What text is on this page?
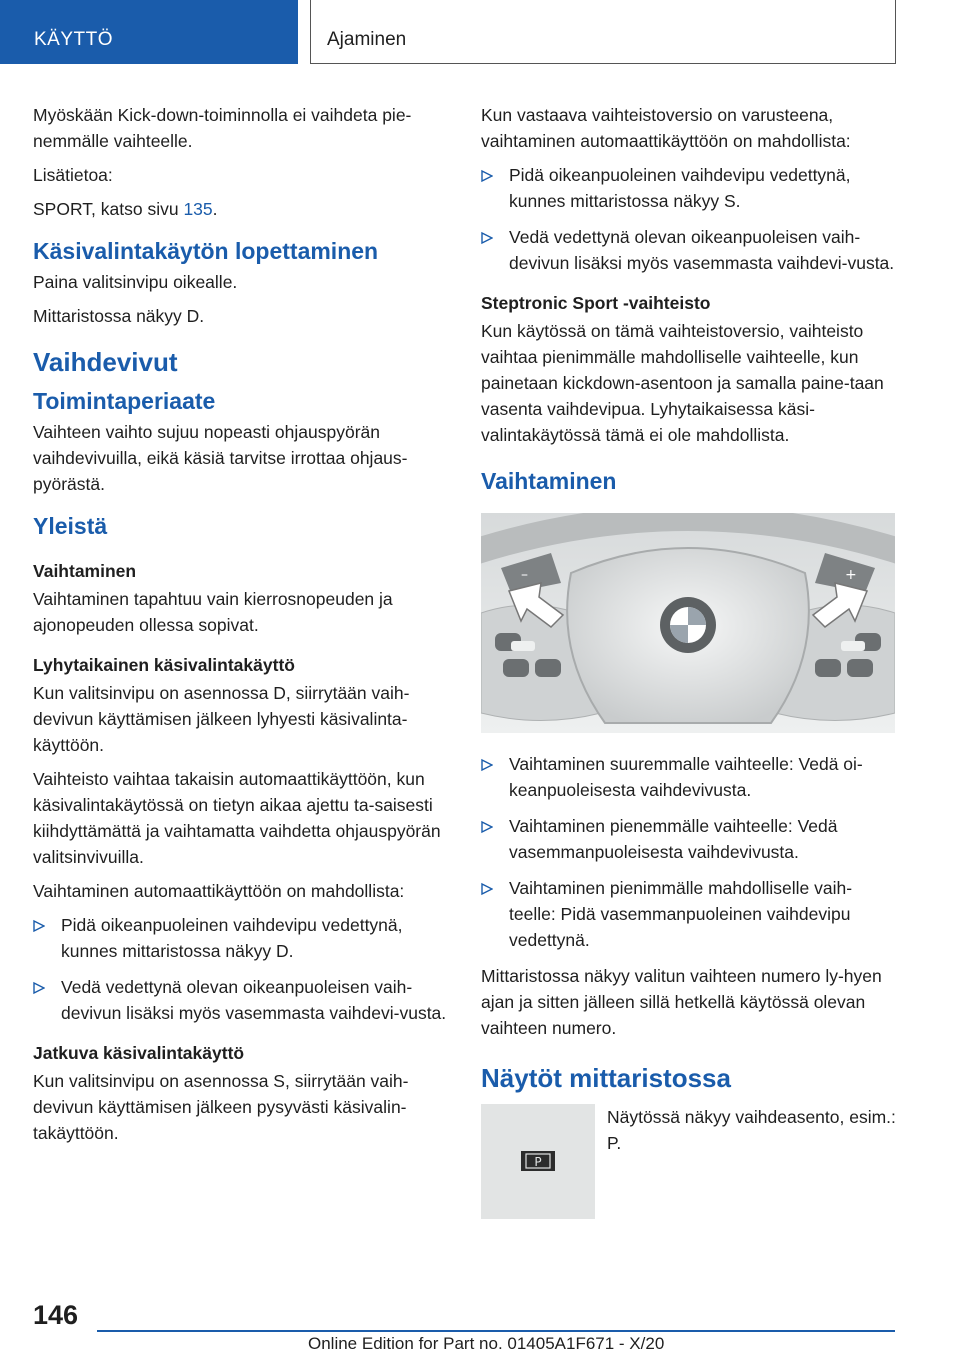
KÄYTTÖ	Ajaminen

Myöskään Kick-down-toiminnolla ei vaihdeta pie-nemmälle vaihteelle.

Lisätietoa:

SPORT, katso sivu 135.

Käsivalintakäytön lopettaminen

Paina valitsinvipu oikealle.

Mittaristossa näkyy D.

Vaihdevivut
Toimintaperiaate

Vaihteen vaihto sujuu nopeasti ohjauspyörän vaihdevivuilla, eikä käsiä tarvitse irrottaa ohjaus-pyörästä.

Yleistä
Vaihtaminen

Vaihtaminen tapahtuu vain kierrosnopeuden ja ajonopeuden ollessa sopivat.

Lyhytaikainen käsivalintakäyttö

Kun valitsinvipu on asennossa D, siirrytään vaih-devivun käyttämisen jälkeen lyhyesti käsivalinta-käyttöön.

Vaihteisto vaihtaa takaisin automaattikäyttöön, kun käsivalintakäytössä on tietyn aikaa ajettu ta-saisesti kiihdyttämättä ja vaihtamatta vaihdetta ohjauspyörän valitsinvivuilla.

Vaihtaminen automaattikäyttöön on mahdollista:

Pidä oikeanpuoleinen vaihdevipu vedettynä, kunnes mittaristossa näkyy D.
Vedä vedettynä olevan oikeanpuoleisen vaih-devivun lisäksi myös vasemmasta vaihdevi-vusta.
Jatkuva käsivalintakäyttö

Kun valitsinvipu on asennossa S, siirrytään vaih-devivun käyttämisen jälkeen pysyvästi käsivalin-takäyttöön.

Kun vastaava vaihteistoversio on varusteena, vaihtaminen automaattikäyttöön on mahdollista:

Pidä oikeanpuoleinen vaihdevipu vedettynä, kunnes mittaristossa näkyy S.
Vedä vedettynä olevan oikeanpuoleisen vaih-devivun lisäksi myös vasemmasta vaihdevi-vusta.
Steptronic Sport -vaihteisto

Kun käytössä on tämä vaihteistoversio, vaihteisto vaihtaa pienimmälle mahdolliselle vaihteelle, kun painetaan kickdown-asentoon ja samalla paine-taan vasenta vaihdevipua. Lyhytaikaisessa käsi-valintakäytössä tämä ei ole mahdollista.

Vaihtaminen
–	+
Vaihtaminen suuremmalle vaihteelle: Vedä oi-keanpuoleisesta vaihdevivusta.
Vaihtaminen pienemmälle vaihteelle: Vedä vasemmanpuoleisesta vaihdevivusta.
Vaihtaminen pienimmälle mahdolliselle vaih-teelle: Pidä vasemmanpuoleinen vaihdevipu vedettynä.

Mittaristossa näkyy valitun vaihteen numero ly-hyen ajan ja sitten jälleen sillä hetkellä käytössä olevan vaihteen numero.

Näytöt mittaristossa
P

Näytössä näkyy vaihdeasento, esim.: P.

146
Online Edition for Part no. 01405A1F671 - X/20
